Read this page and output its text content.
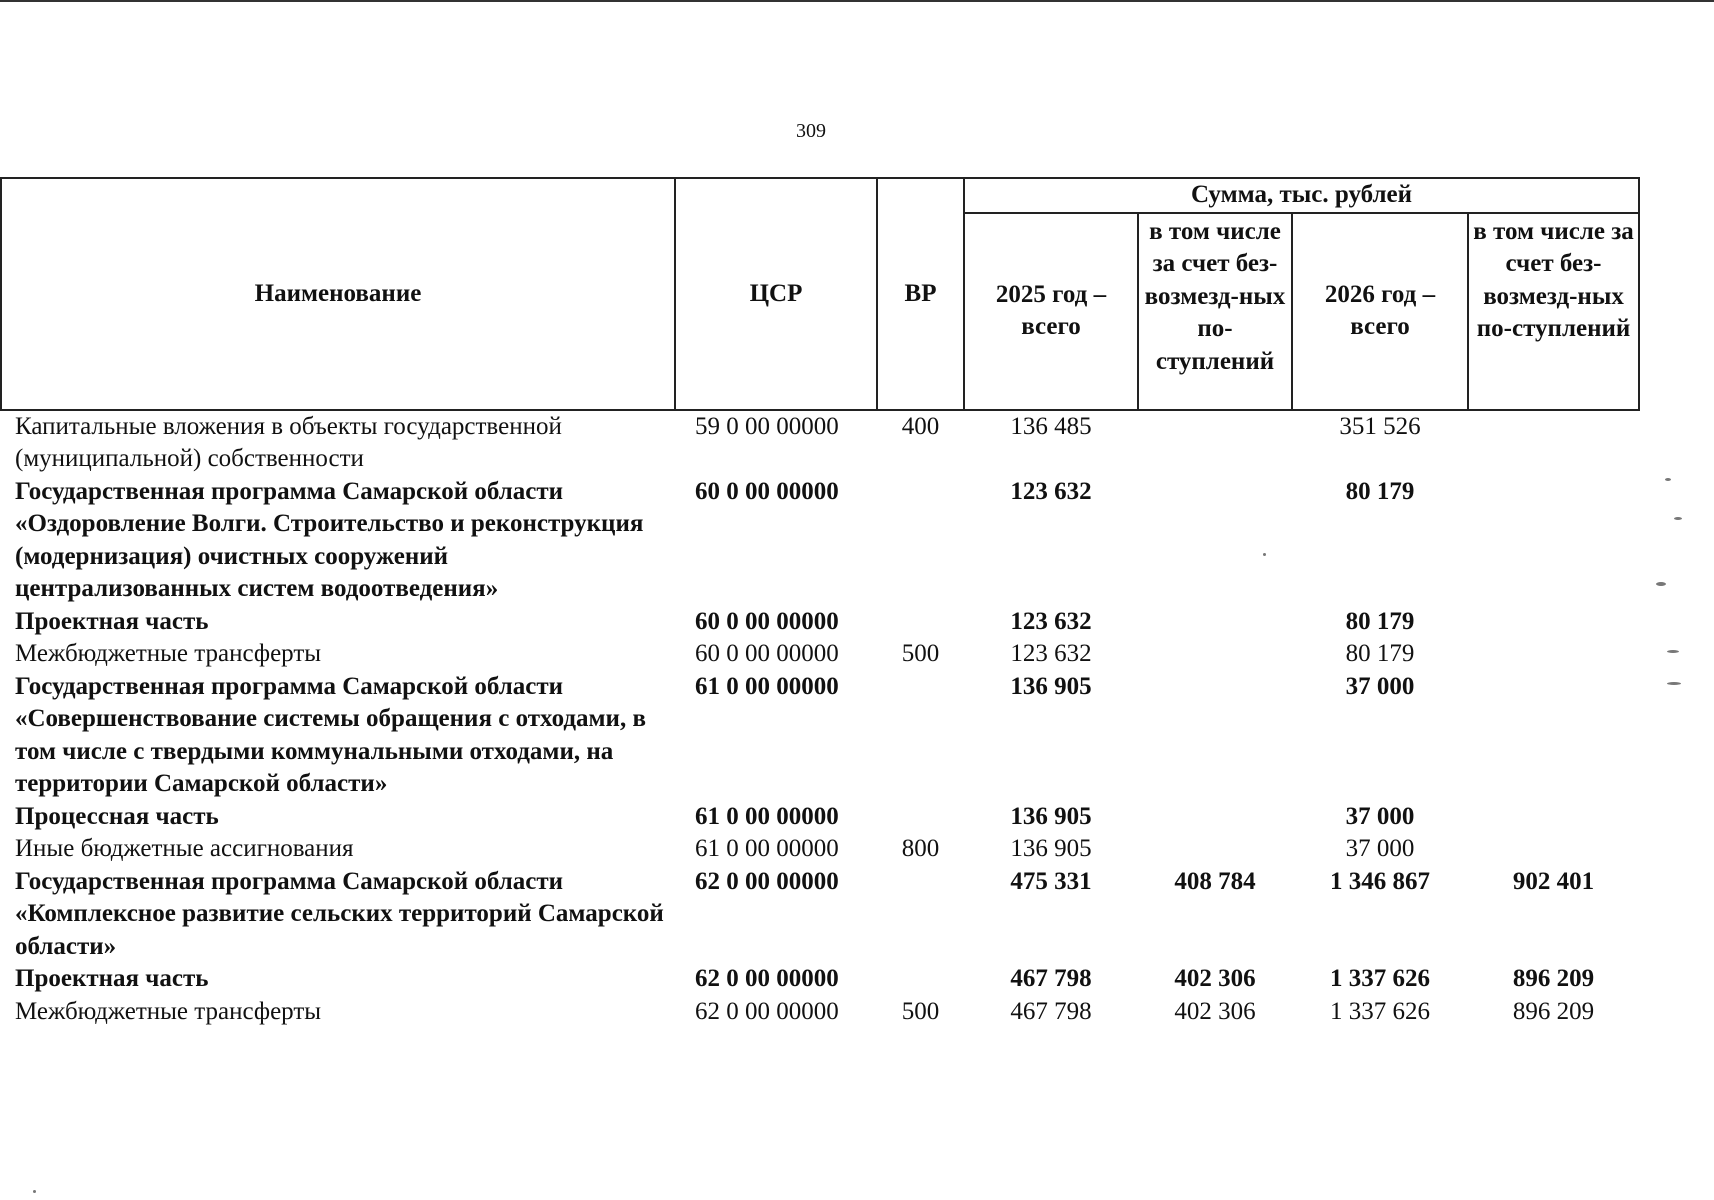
309
Наименование	ЦСР	ВР	Сумма, тыс. рублей			
			2025 год – всего	в том числе за счет без-возмезд-ных по-ступлений	2026 год – всего	в том числе за счет без-возмезд-ных по-ступлений
Капитальные вложения в объекты государственной (муниципальной) собственности	59 0 00 00000	400	136 485		351 526	
Государственная программа Самарской области «Оздоровление Волги. Строительство и реконструкция (модернизация) очистных сооружений централизованных систем водоотведения»	60 0 00 00000		123 632		80 179	
Проектная часть	60 0 00 00000		123 632		80 179	
Межбюджетные трансферты	60 0 00 00000	500	123 632		80 179	
Государственная программа Самарской области «Совершенствование системы обращения с отходами, в том числе с твердыми коммунальными отходами, на территории Самарской области»	61 0 00 00000		136 905		37 000	
Процессная часть	61 0 00 00000		136 905		37 000	
Иные бюджетные ассигнования	61 0 00 00000	800	136 905		37 000	
Государственная программа Самарской области «Комплексное развитие сельских территорий Самарской области»	62 0 00 00000		475 331	408 784	1 346 867	902 401
Проектная часть	62 0 00 00000		467 798	402 306	1 337 626	896 209
Межбюджетные трансферты	62 0 00 00000	500	467 798	402 306	1 337 626	896 209
